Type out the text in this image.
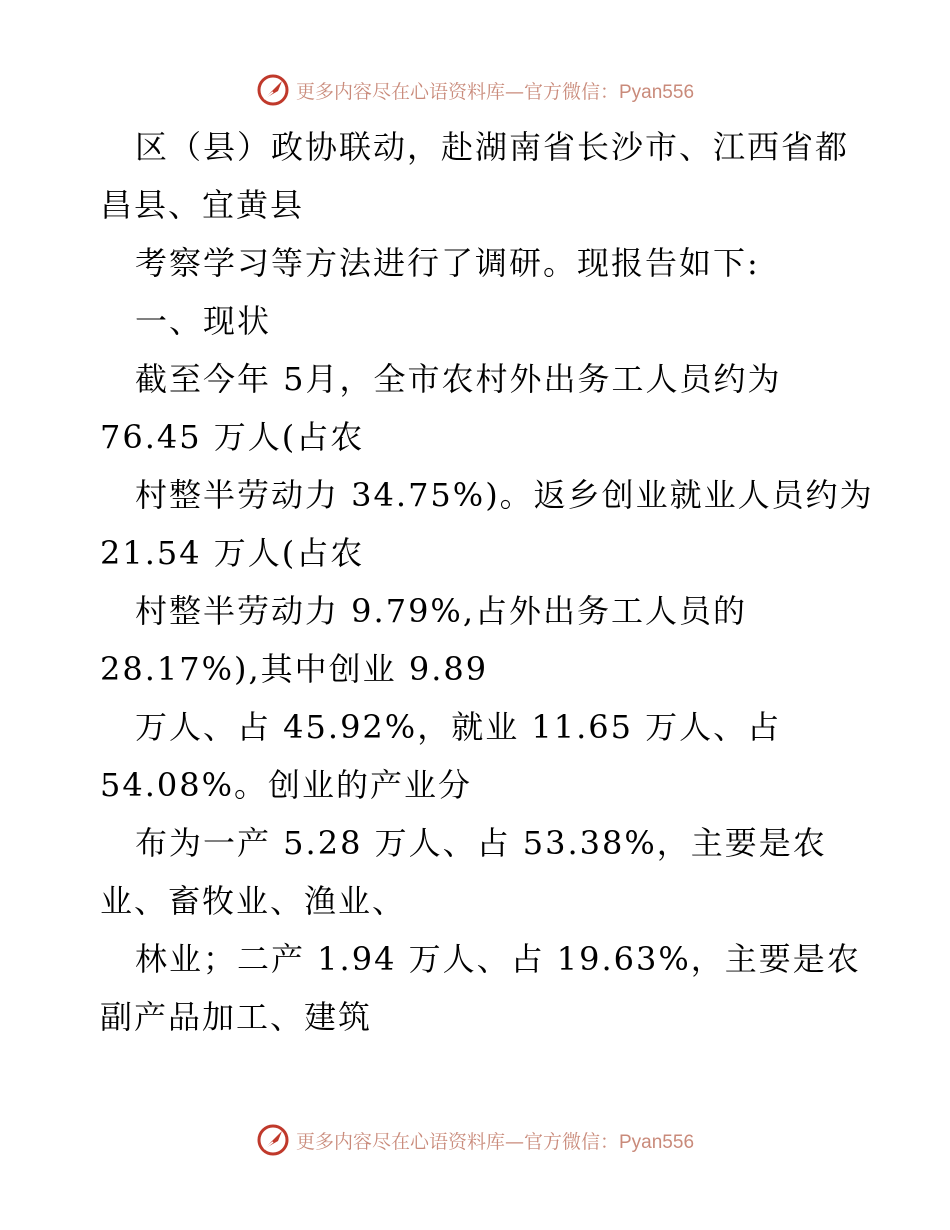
更多内容尽在心语资料库—官方微信：Pyan556
区（县）政协联动，赴湖南省长沙市、江西省都
昌县、宜黄县
考察学习等方法进行了调研。现报告如下:
一、现状
截至今年 5月，全市农村外出务工人员约为
76.45 万人(占农
村整半劳动力 34.75%)。返乡创业就业人员约为
21.54 万人(占农
村整半劳动力 9.79%,占外出务工人员的
28.17%),其中创业 9.89
万人、占 45.92%，就业 11.65 万人、占
54.08%。创业的产业分
布为一产 5.28 万人、占 53.38%，主要是农
业、畜牧业、渔业、
林业；二产 1.94 万人、占 19.63%，主要是农
副产品加工、建筑
更多内容尽在心语资料库—官方微信：Pyan556
